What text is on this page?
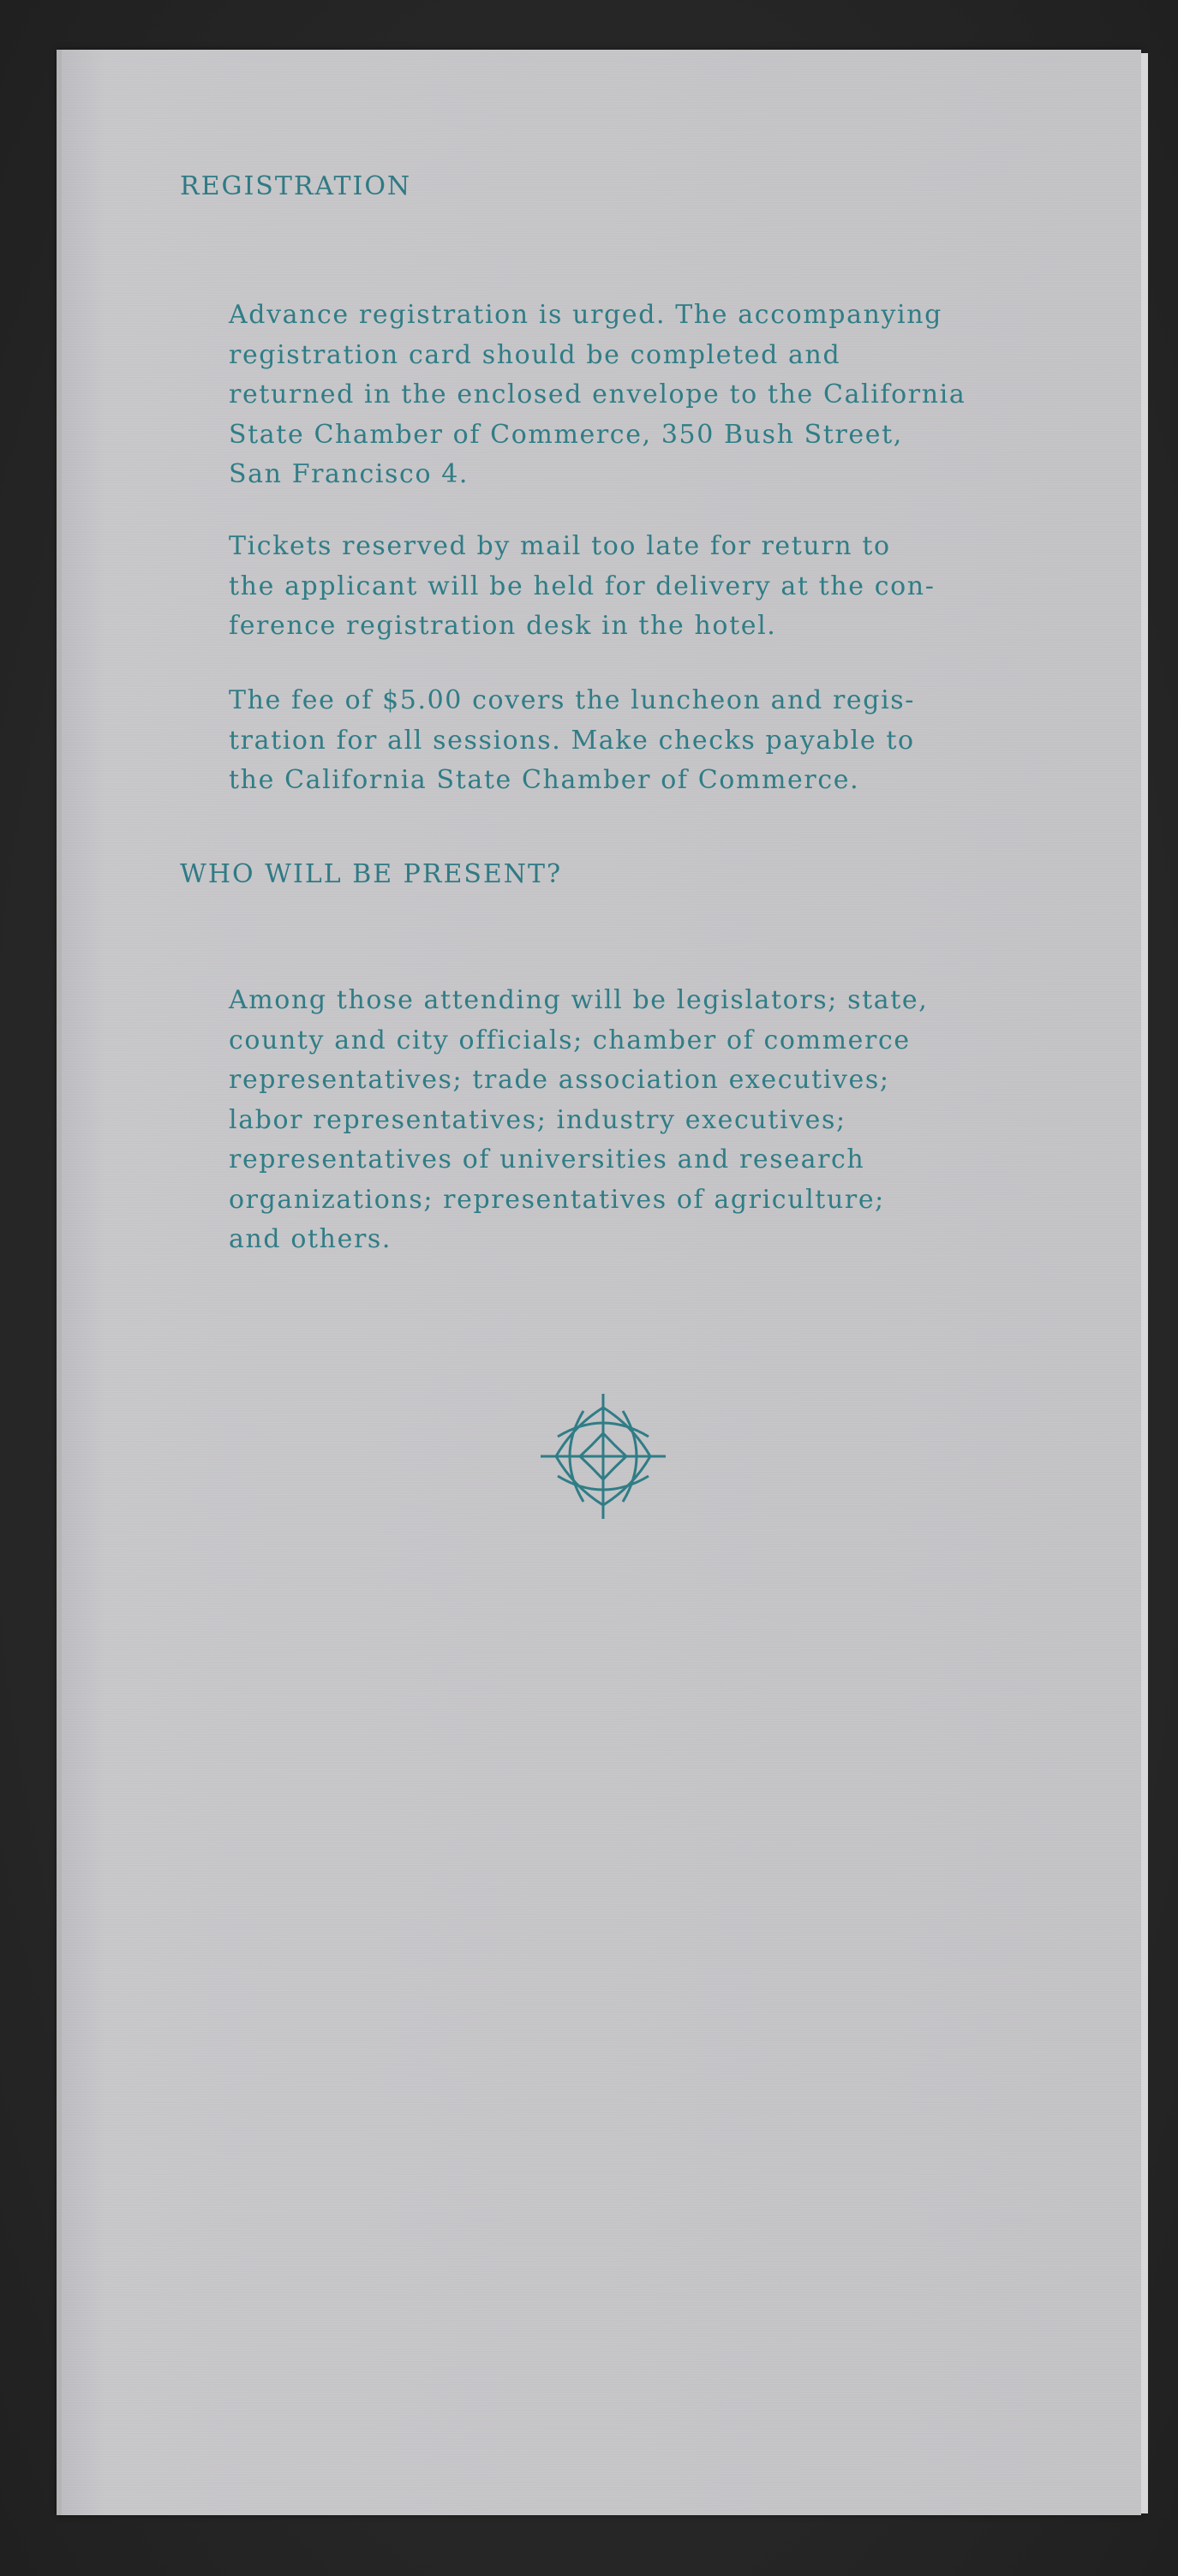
REGISTRATION

Advance registration is urged. The accompanying
registration card should be completed and
returned in the enclosed envelope to the California
State Chamber of Commerce, 350 Bush Street,
San Francisco 4.

Tickets reserved by mail too late for return to
the applicant will be held for delivery at the con-
ference registration desk in the hotel.

The fee of $5.00 covers the luncheon and regis-
tration for all sessions. Make checks payable to
the California State Chamber of Commerce.

WHO WILL BE PRESENT?

Among those attending will be legislators; state,
county and city officials; chamber of commerce
representatives; trade association executives;
labor representatives; industry executives;
representatives of universities and research
organizations; representatives of agriculture;
and others.
